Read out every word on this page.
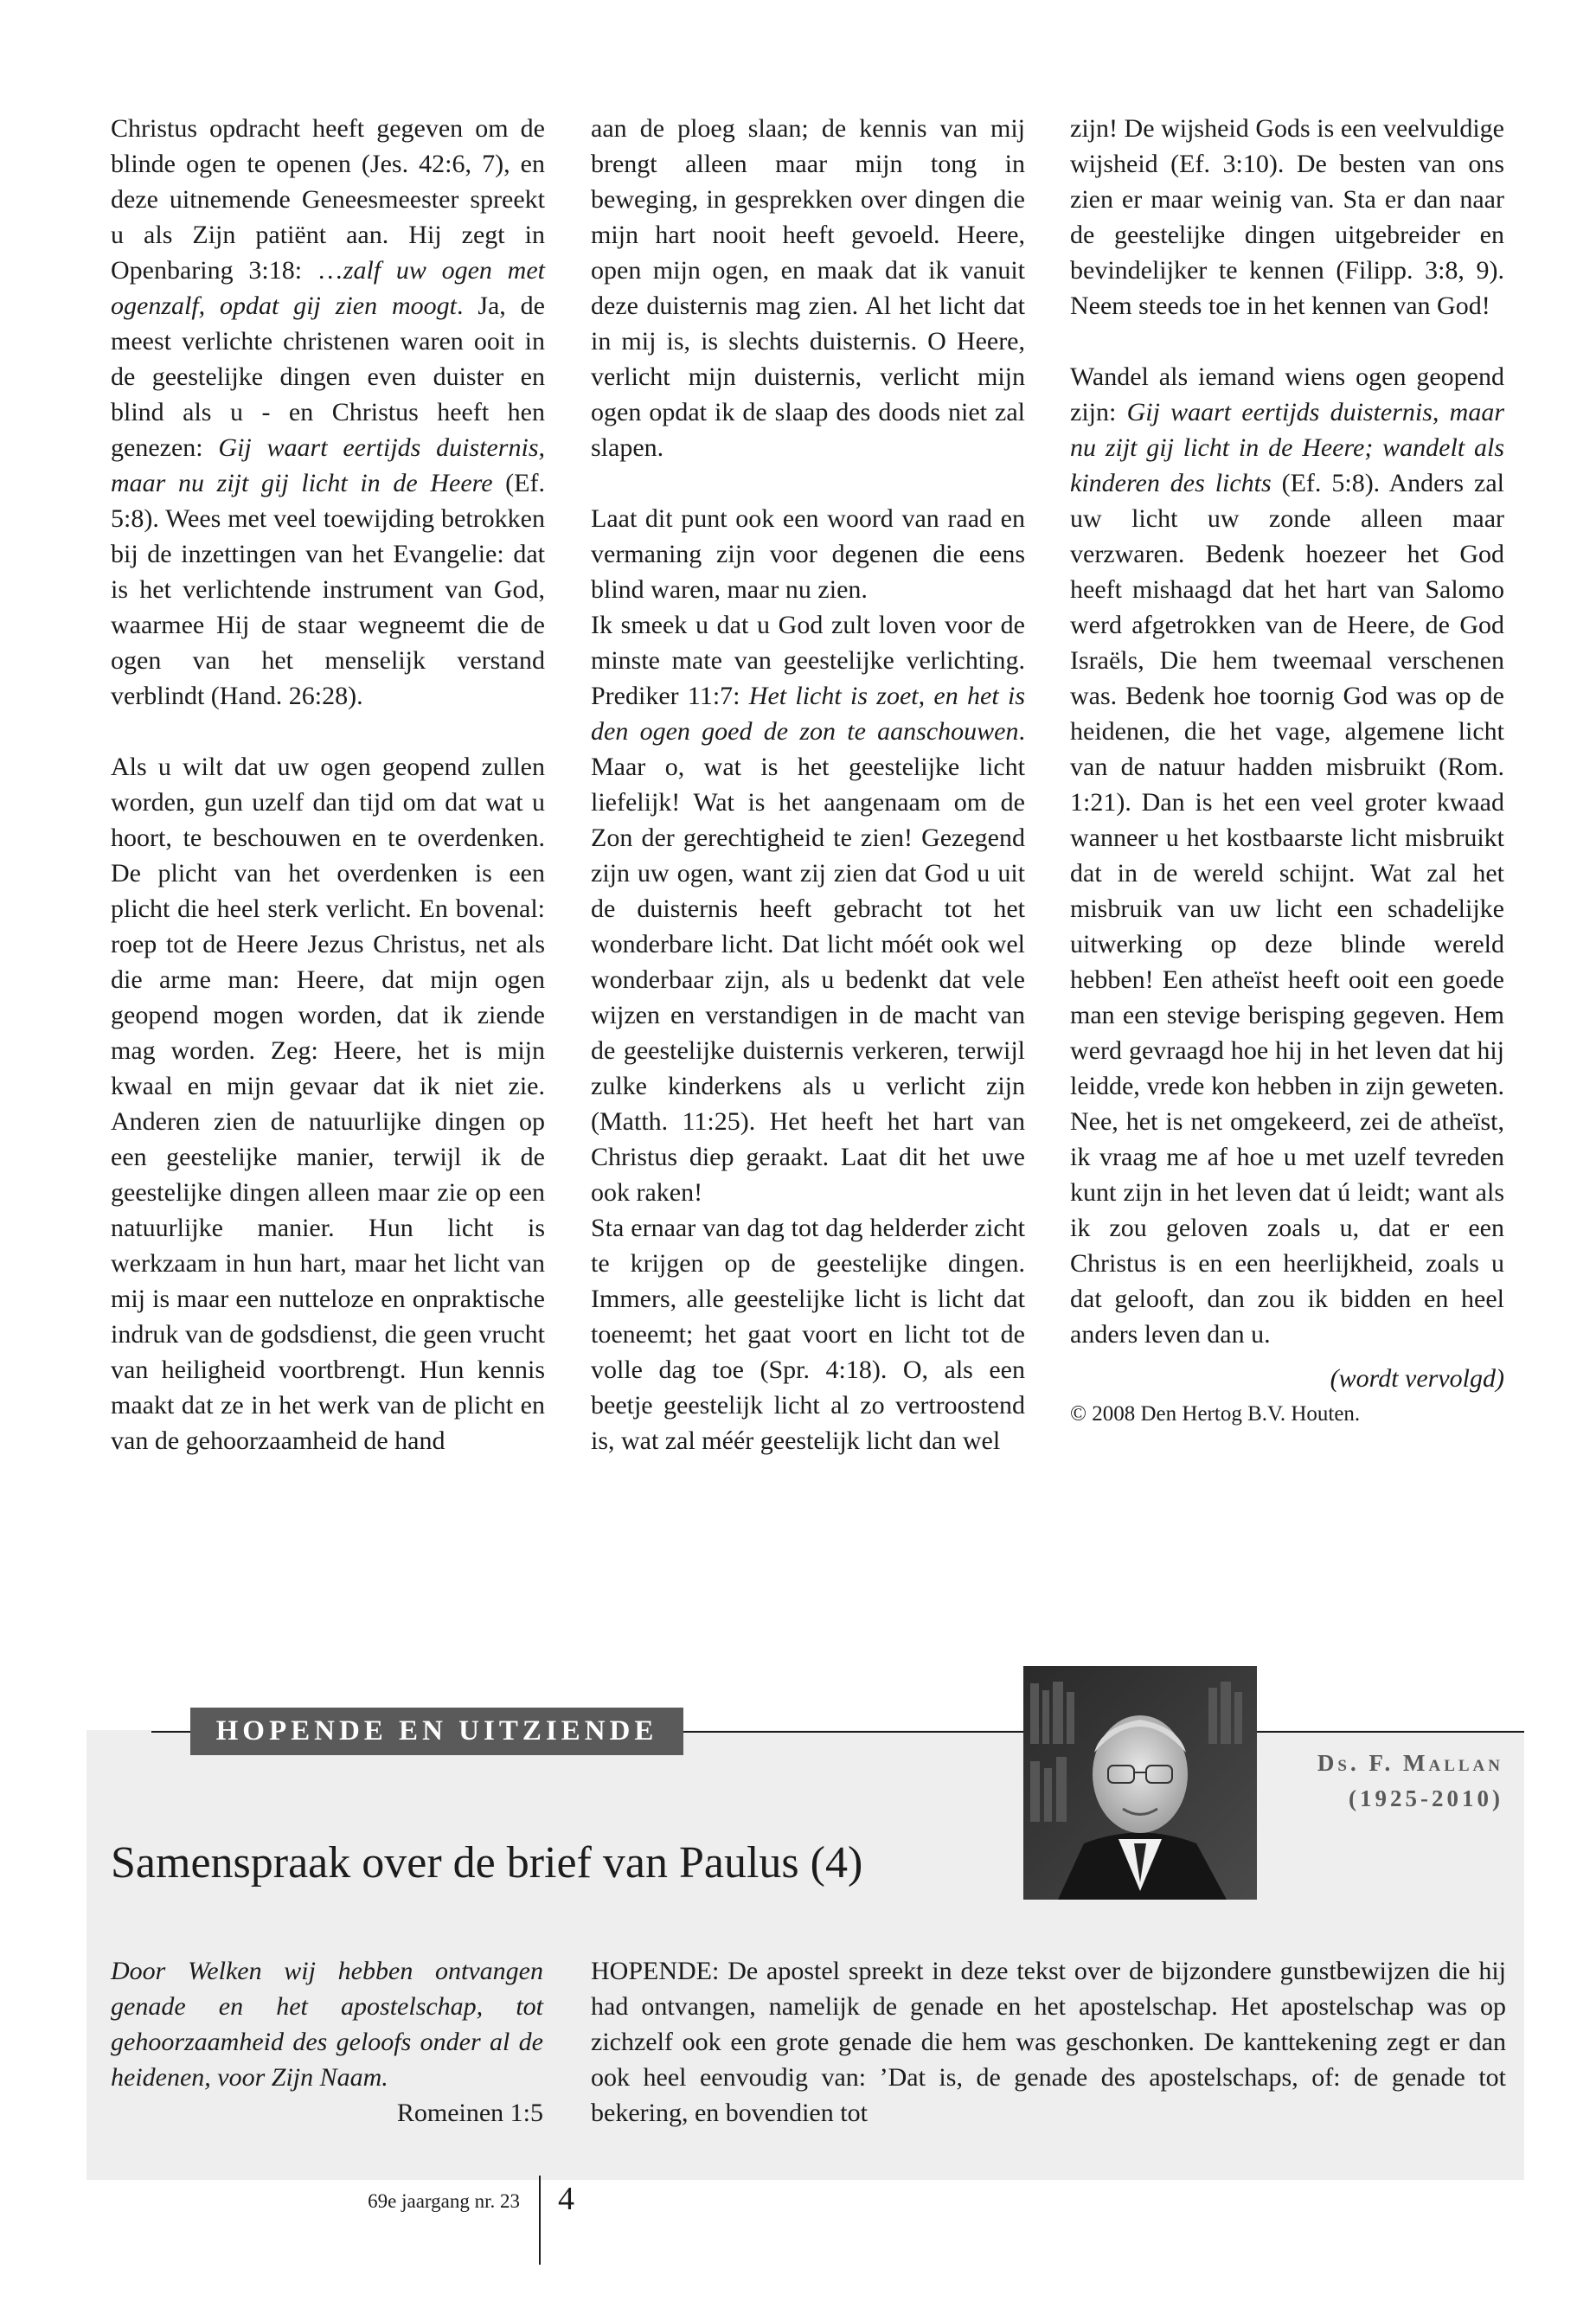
Christus opdracht heeft gegeven om de blinde ogen te openen (Jes. 42:6, 7), en deze uitnemende Geneesmeester spreekt u als Zijn patiënt aan. Hij zegt in Openbaring 3:18: …zalf uw ogen met ogenzalf, opdat gij zien moogt. Ja, de meest verlichte christenen waren ooit in de geestelijke dingen even duister en blind als u - en Christus heeft hen genezen: Gij waart eertijds duisternis, maar nu zijt gij licht in de Heere (Ef. 5:8). Wees met veel toewijding betrokken bij de inzettingen van het Evangelie: dat is het verlichtende instrument van God, waarmee Hij de staar wegneemt die de ogen van het menselijk verstand verblindt (Hand. 26:28).

Als u wilt dat uw ogen geopend zullen worden, gun uzelf dan tijd om dat wat u hoort, te beschouwen en te overdenken. De plicht van het overdenken is een plicht die heel sterk verlicht. En bovenal: roep tot de Heere Jezus Christus, net als die arme man: Heere, dat mijn ogen geopend mogen worden, dat ik ziende mag worden. Zeg: Heere, het is mijn kwaal en mijn gevaar dat ik niet zie. Anderen zien de natuurlijke dingen op een geestelijke manier, terwijl ik de geestelijke dingen alleen maar zie op een natuurlijke manier. Hun licht is werkzaam in hun hart, maar het licht van mij is maar een nutteloze en onpraktische indruk van de godsdienst, die geen vrucht van heiligheid voortbrengt. Hun kennis maakt dat ze in het werk van de plicht en van de gehoorzaamheid de hand

aan de ploeg slaan; de kennis van mij brengt alleen maar mijn tong in beweging, in gesprekken over dingen die mijn hart nooit heeft gevoeld. Heere, open mijn ogen, en maak dat ik vanuit deze duisternis mag zien. Al het licht dat in mij is, is slechts duisternis. O Heere, verlicht mijn duisternis, verlicht mijn ogen opdat ik de slaap des doods niet zal slapen.

Laat dit punt ook een woord van raad en vermaning zijn voor degenen die eens blind waren, maar nu zien.

Ik smeek u dat u God zult loven voor de minste mate van geestelijke verlichting. Prediker 11:7: Het licht is zoet, en het is den ogen goed de zon te aanschouwen. Maar o, wat is het geestelijke licht liefelijk! Wat is het aangenaam om de Zon der gerechtigheid te zien! Gezegend zijn uw ogen, want zij zien dat God u uit de duisternis heeft gebracht tot het wonderbare licht. Dat licht móét ook wel wonderbaar zijn, als u bedenkt dat vele wijzen en verstandigen in de macht van de geestelijke duisternis verkeren, terwijl zulke kinderkens als u verlicht zijn (Matth. 11:25). Het heeft het hart van Christus diep geraakt. Laat dit het uwe ook raken!

Sta ernaar van dag tot dag helderder zicht te krijgen op de geestelijke dingen. Immers, alle geestelijke licht is licht dat toeneemt; het gaat voort en licht tot de volle dag toe (Spr. 4:18). O, als een beetje geestelijk licht al zo vertroostend is, wat zal méér geestelijk licht dan wel

zijn! De wijsheid Gods is een veelvuldige wijsheid (Ef. 3:10). De besten van ons zien er maar weinig van. Sta er dan naar de geestelijke dingen uitgebreider en bevindelijker te kennen (Filipp. 3:8, 9). Neem steeds toe in het kennen van God!

Wandel als iemand wiens ogen geopend zijn: Gij waart eertijds duisternis, maar nu zijt gij licht in de Heere; wandelt als kinderen des lichts (Ef. 5:8). Anders zal uw licht uw zonde alleen maar verzwaren. Bedenk hoezeer het God heeft mishaagd dat het hart van Salomo werd afgetrokken van de Heere, de God Israëls, Die hem tweemaal verschenen was. Bedenk hoe toornig God was op de heidenen, die het vage, algemene licht van de natuur hadden misbruikt (Rom. 1:21). Dan is het een veel groter kwaad wanneer u het kostbaarste licht misbruikt dat in de wereld schijnt. Wat zal het misbruik van uw licht een schadelijke uitwerking op deze blinde wereld hebben! Een atheïst heeft ooit een goede man een stevige berisping gegeven. Hem werd gevraagd hoe hij in het leven dat hij leidde, vrede kon hebben in zijn geweten. Nee, het is net omgekeerd, zei de atheïst, ik vraag me af hoe u met uzelf tevreden kunt zijn in het leven dat ú leidt; want als ik zou geloven zoals u, dat er een Christus is en een heerlijkheid, zoals u dat gelooft, dan zou ik bidden en heel anders leven dan u.

(wordt vervolgd)

© 2008 Den Hertog B.V. Houten.

HOPENDE EN UITZIENDE
Ds. F. Mallan
(1925-2010)
Samenspraak over de brief van Paulus (4)
Door Welken wij hebben ontvangen genade en het apostelschap, tot gehoorzaamheid des geloofs onder al de heidenen, voor Zijn Naam.
Romeinen 1:5
HOPENDE: De apostel spreekt in deze tekst over de bijzondere gunstbewijzen die hij had ontvangen, namelijk de genade en het apostelschap. Het apostelschap was op zichzelf ook een grote genade die hem was geschonken. De kanttekening zegt er dan ook heel eenvoudig van: ’Dat is, de genade des apostelschaps, of: de genade tot bekering, en bovendien tot
69e jaargang nr. 23 4
